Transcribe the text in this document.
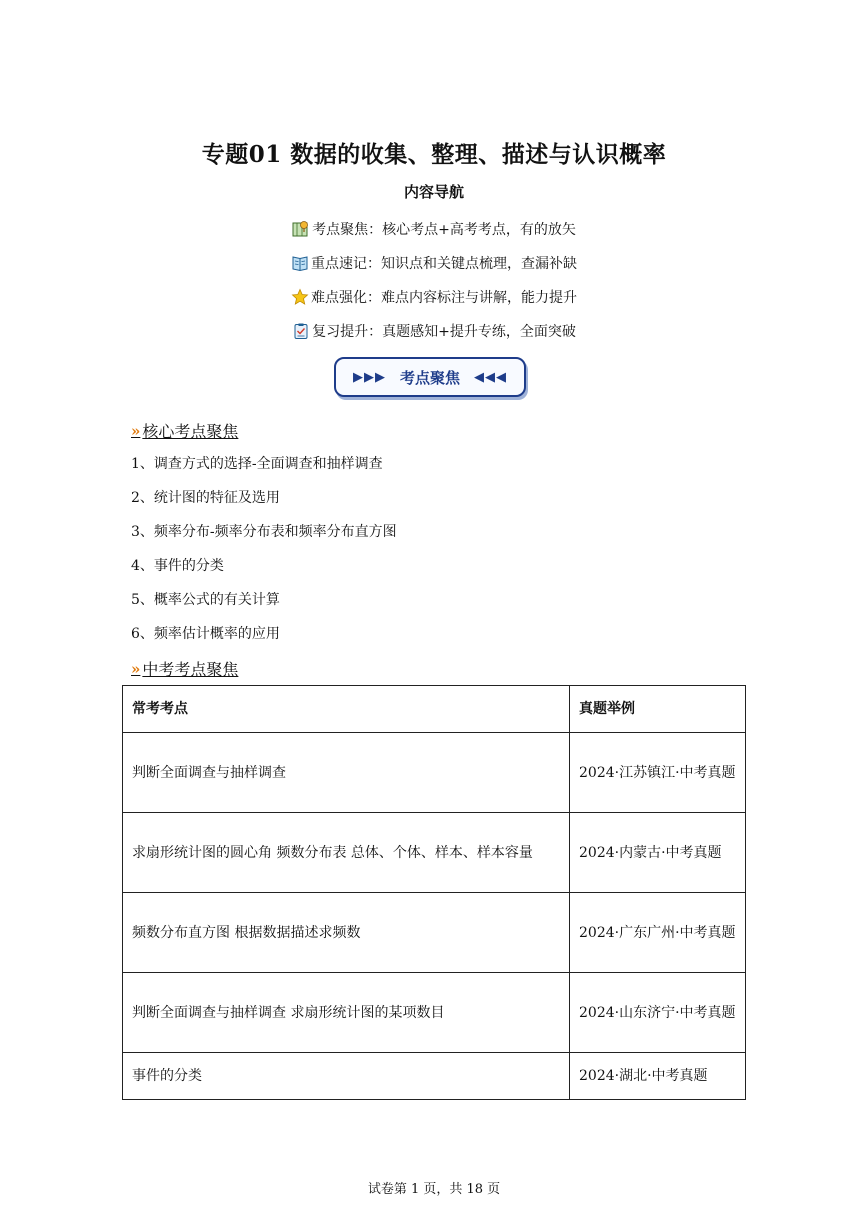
专题01 数据的收集、整理、描述与认识概率
内容导航
考点聚焦：核心考点+高考考点，有的放矢
重点速记：知识点和关键点梳理，查漏补缺
难点强化：难点内容标注与讲解，能力提升
复习提升：真题感知+提升专练，全面突破
▶▶▶ 考点聚焦 ◀◀◀
» 核心考点聚焦
1、调查方式的选择-全面调查和抽样调查
2、统计图的特征及选用
3、频率分布-频率分布表和频率分布直方图
4、事件的分类
5、概率公式的有关计算
6、频率估计概率的应用
» 中考考点聚焦
常考考点	真题举例
判断全面调查与抽样调查	2024·江苏镇江·中考真题
求扇形统计图的圆心角 频数分布表 总体、个体、样本、样本容量	2024·内蒙古·中考真题
频数分布直方图 根据数据描述求频数	2024·广东广州·中考真题
判断全面调查与抽样调查 求扇形统计图的某项数目	2024·山东济宁·中考真题
事件的分类	2024·湖北·中考真题
试卷第 1 页，共 18 页
